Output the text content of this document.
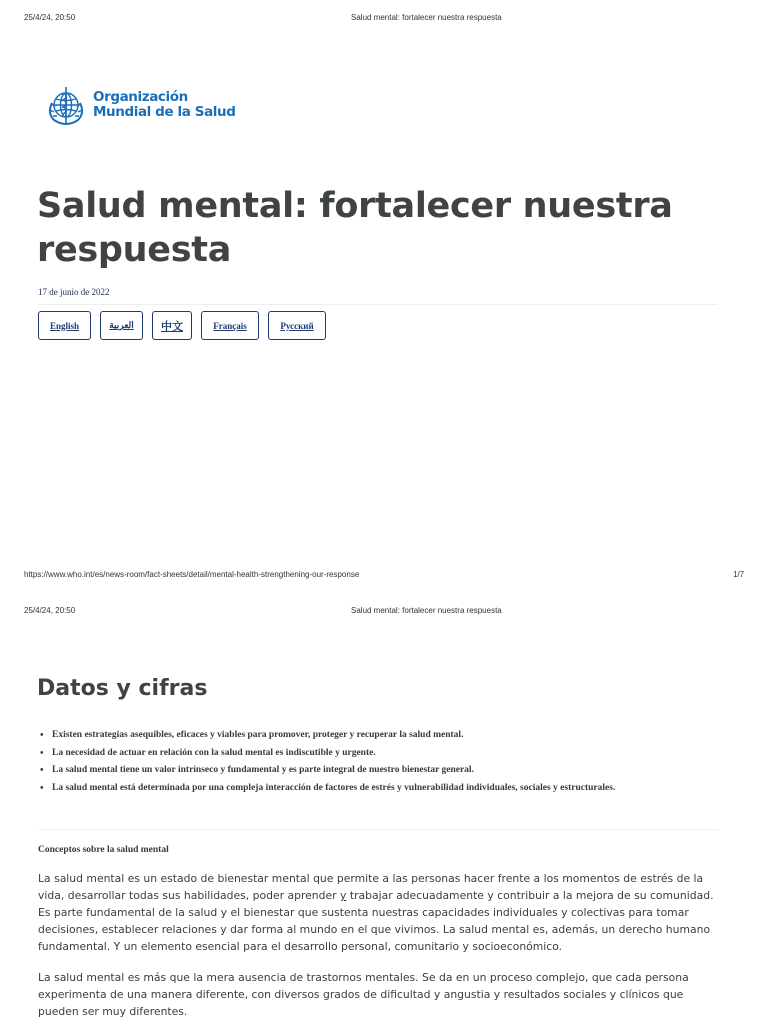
25/4/24, 20:50	Salud mental: fortalecer nuestra respuesta
Organización
Mundial de la Salud
Salud mental: fortalecer nuestra respuesta
17 de junio de 2022
English	العربية	中文	Français	Русский
https://www.who.int/es/news-room/fact-sheets/detail/mental-health-strengthening-our-response	1/7
25/4/24, 20:50	Salud mental: fortalecer nuestra respuesta
Datos y cifras
• Existen estrategias asequibles, eficaces y viables para promover, proteger y recuperar la salud mental.
• La necesidad de actuar en relación con la salud mental es indiscutible y urgente.
• La salud mental tiene un valor intrínseco y fundamental y es parte integral de nuestro bienestar general.
• La salud mental está determinada por una compleja interacción de factores de estrés y vulnerabilidad individuales, sociales y estructurales.
Conceptos sobre la salud mental

La salud mental es un estado de bienestar mental que permite a las personas hacer frente a los momentos de estrés de la vida, desarrollar todas sus habilidades, poder aprender y trabajar adecuadamente y contribuir a la mejora de su comunidad. Es parte fundamental de la salud y el bienestar que sustenta nuestras capacidades individuales y colectivas para tomar decisiones, establecer relaciones y dar forma al mundo en el que vivimos. La salud mental es, además, un derecho humano fundamental. Y un elemento esencial para el desarrollo personal, comunitario y socioeconómico.

La salud mental es más que la mera ausencia de trastornos mentales. Se da en un proceso complejo, que cada persona experimenta de una manera diferente, con diversos grados de dificultad y angustia y resultados sociales y clínicos que pueden ser muy diferentes.
